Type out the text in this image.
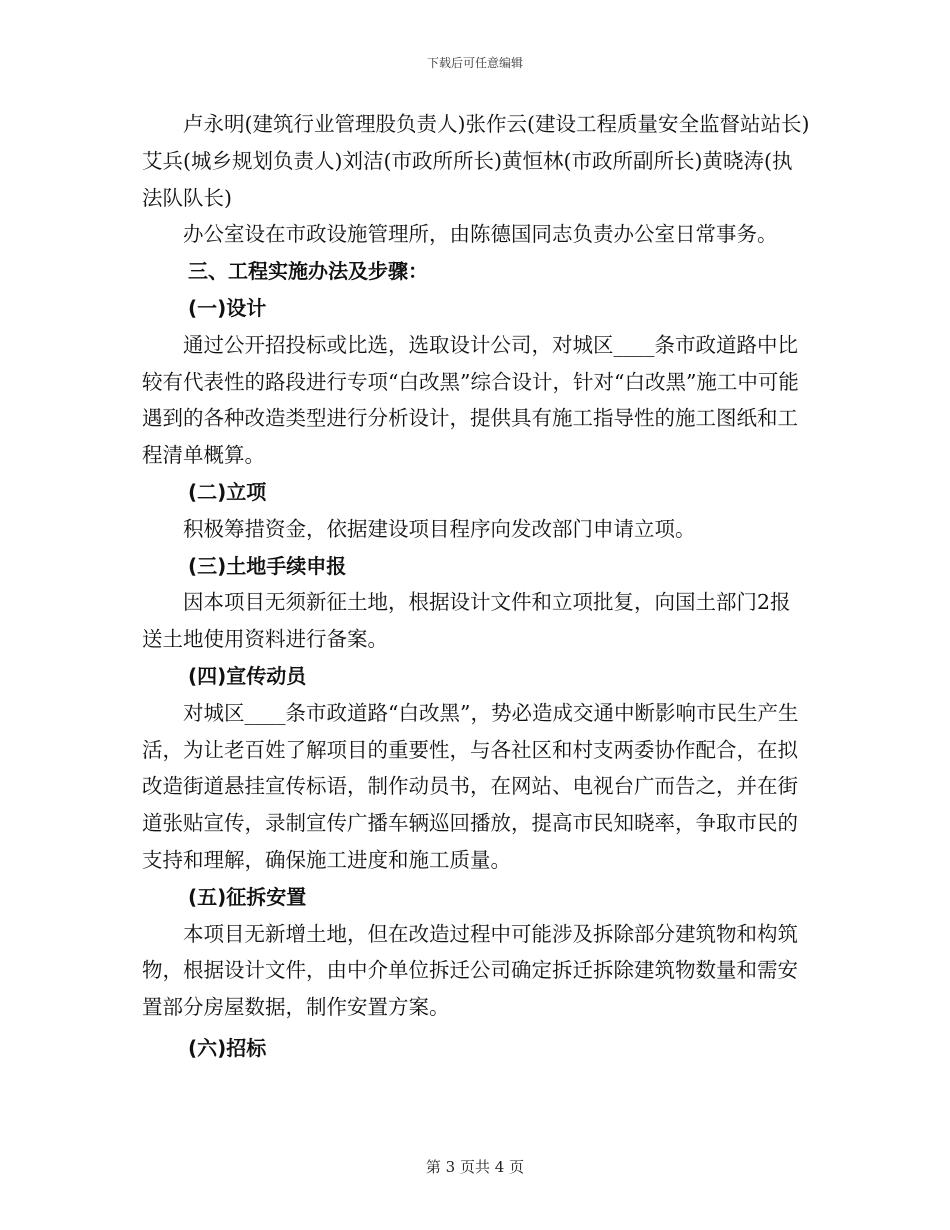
下载后可任意编辑

卢永明(建筑行业管理股负责人)张作云(建设工程质量安全监督站站长)艾兵(城乡规划负责人)刘洁(市政所所长)黄恒林(市政所副所长)黄晓涛(执法队队长)

办公室设在市政设施管理所，由陈德国同志负责办公室日常事务。

三、工程实施办法及步骤：

(一)设计

通过公开招投标或比选，选取设计公司，对城区____条市政道路中比较有代表性的路段进行专项“白改黑”综合设计，针对“白改黑”施工中可能遇到的各种改造类型进行分析设计，提供具有施工指导性的施工图纸和工程清单概算。

(二)立项

积极筹措资金，依据建设项目程序向发改部门申请立项。

(三)土地手续申报

因本项目无须新征土地，根据设计文件和立项批复，向国土部门2报送土地使用资料进行备案。

(四)宣传动员

对城区____条市政道路“白改黑”，势必造成交通中断影响市民生产生活，为让老百姓了解项目的重要性，与各社区和村支两委协作配合，在拟改造街道悬挂宣传标语，制作动员书，在网站、电视台广而告之，并在街道张贴宣传，录制宣传广播车辆巡回播放，提高市民知晓率，争取市民的支持和理解，确保施工进度和施工质量。

(五)征拆安置

本项目无新增土地，但在改造过程中可能涉及拆除部分建筑物和构筑物，根据设计文件，由中介单位拆迁公司确定拆迁拆除建筑物数量和需安置部分房屋数据，制作安置方案。

(六)招标

第 3 页共 4 页
